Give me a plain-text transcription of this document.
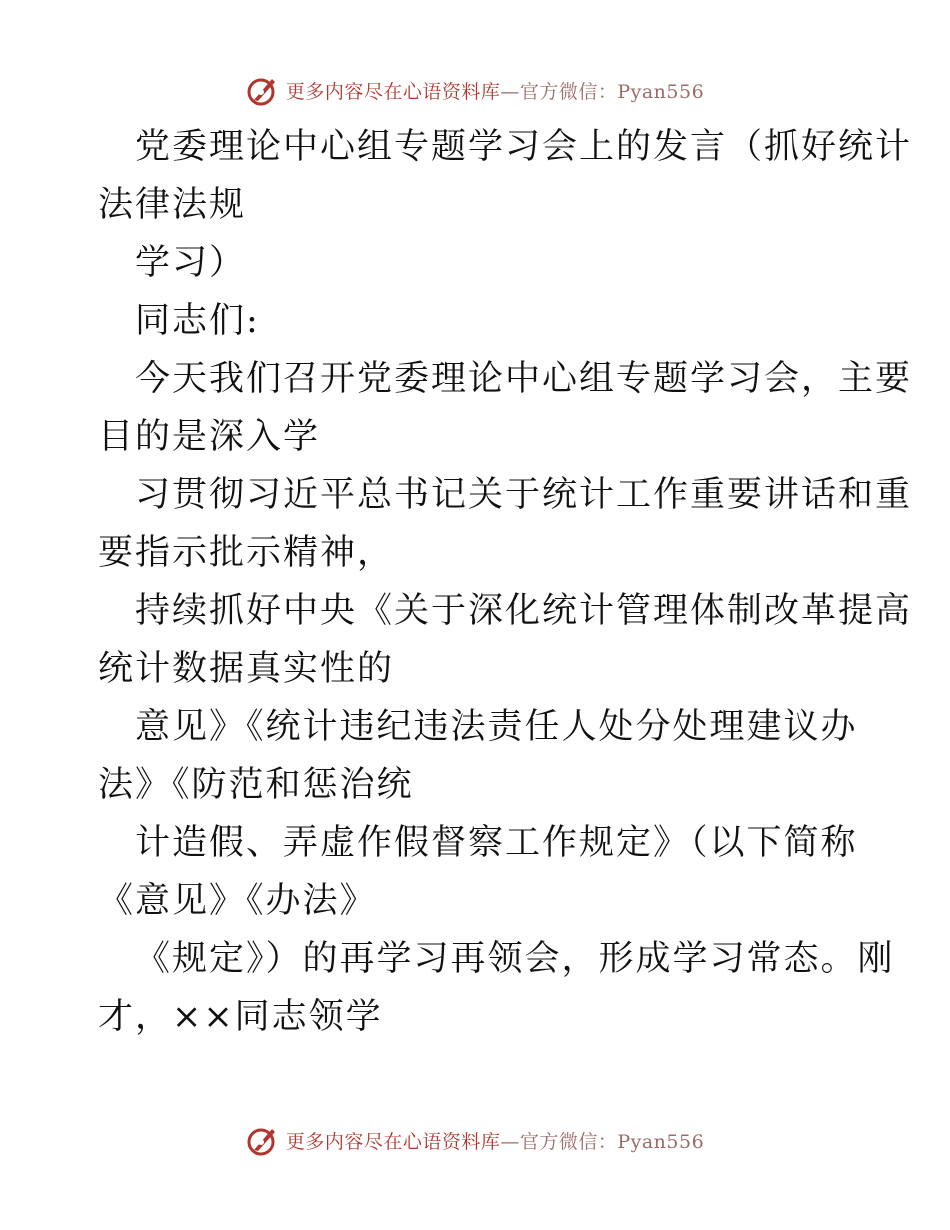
更多内容尽在心语资料库—官方微信：Pyan556

党委理论中心组专题学习会上的发言（抓好统计
法律法规

学习）

同志们:

今天我们召开党委理论中心组专题学习会，主要
目的是深入学

习贯彻习近平总书记关于统计工作重要讲话和重
要指示批示精神，

持续抓好中央《关于深化统计管理体制改革提高
统计数据真实性的

意见》《统计违纪违法责任人处分处理建议办
法》《防范和惩治统

计造假、弄虚作假督察工作规定》（以下简称
《意见》《办法》

《规定》）的再学习再领会，形成学习常态。刚
才，××同志领学

更多内容尽在心语资料库—官方微信：Pyan556
